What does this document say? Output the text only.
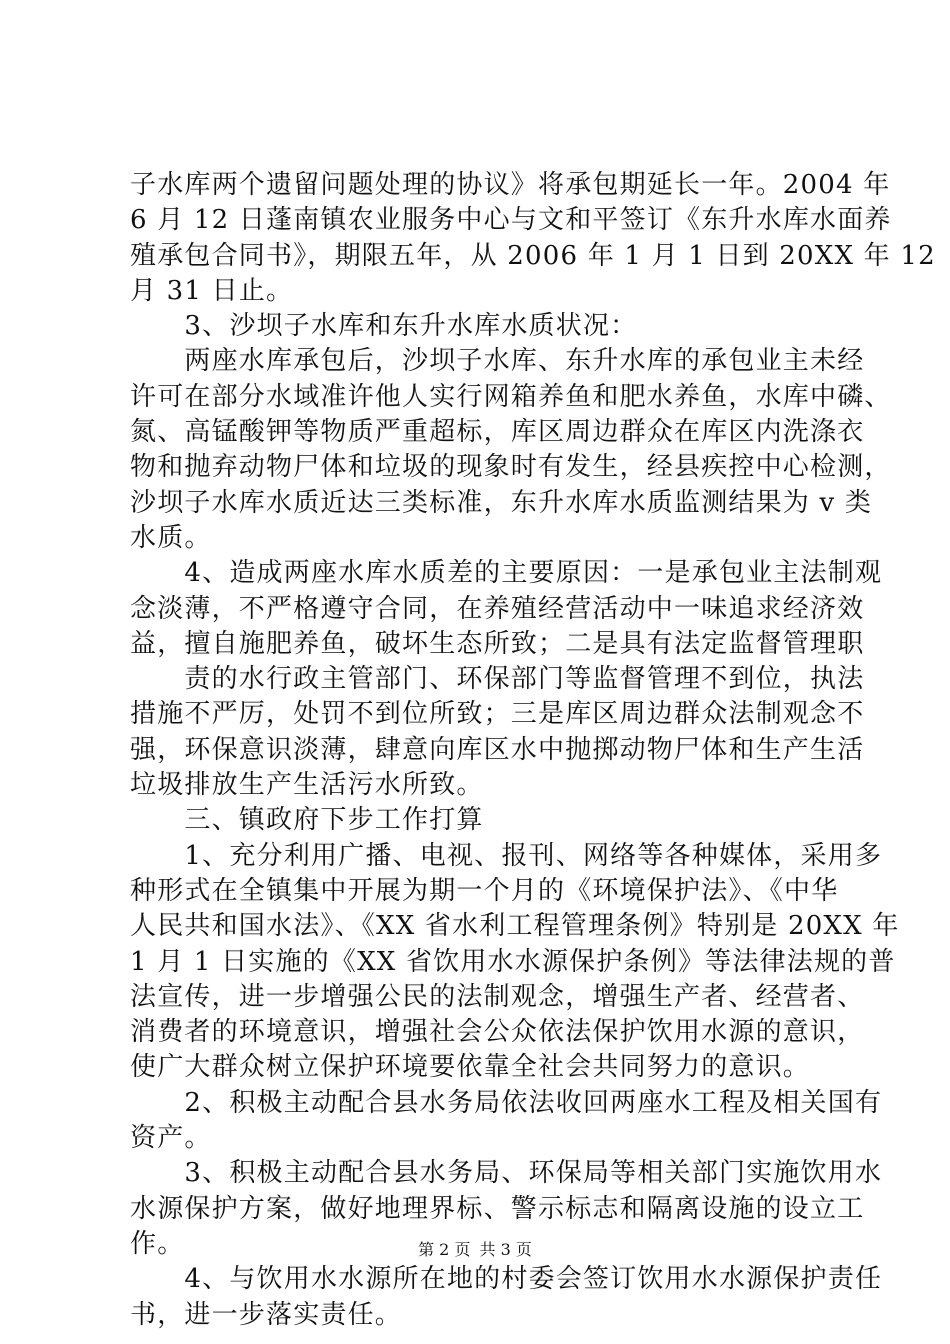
子水库两个遗留问题处理的协议》将承包期延长一年。2004 年
6 月 12 日蓬南镇农业服务中心与文和平签订《东升水库水面养
殖承包合同书》，期限五年，从 2006 年 1 月 1 日到 20XX 年 12
月 31 日止。
　　3、沙坝子水库和东升水库水质状况：
　　两座水库承包后，沙坝子水库、东升水库的承包业主未经
许可在部分水域准许他人实行网箱养鱼和肥水养鱼，水库中磷、
氮、高锰酸钾等物质严重超标，库区周边群众在库区内洗涤衣
物和抛弃动物尸体和垃圾的现象时有发生，经县疾控中心检测，
沙坝子水库水质近达三类标准，东升水库水质监测结果为 v 类
水质。
　　4、造成两座水库水质差的主要原因：一是承包业主法制观
念淡薄，不严格遵守合同，在养殖经营活动中一味追求经济效
益，擅自施肥养鱼，破坏生态所致；二是具有法定监督管理职
　　责的水行政主管部门、环保部门等监督管理不到位，执法
措施不严厉，处罚不到位所致；三是库区周边群众法制观念不
强，环保意识淡薄，肆意向库区水中抛掷动物尸体和生产生活
垃圾排放生产生活污水所致。
　　三、镇政府下步工作打算
　　1、充分利用广播、电视、报刊、网络等各种媒体，采用多
种形式在全镇集中开展为期一个月的《环境保护法》、《中华
人民共和国水法》、《XX 省水利工程管理条例》特别是 20XX 年
1 月 1 日实施的《XX 省饮用水水源保护条例》等法律法规的普
法宣传，进一步增强公民的法制观念，增强生产者、经营者、
消费者的环境意识，增强社会公众依法保护饮用水源的意识，
使广大群众树立保护环境要依靠全社会共同努力的意识。
　　2、积极主动配合县水务局依法收回两座水工程及相关国有
资产。
　　3、积极主动配合县水务局、环保局等相关部门实施饮用水
水源保护方案，做好地理界标、警示标志和隔离设施的设立工
作。
　　4、与饮用水水源所在地的村委会签订饮用水水源保护责任
书，进一步落实责任。
第 2 页 共 3 页
